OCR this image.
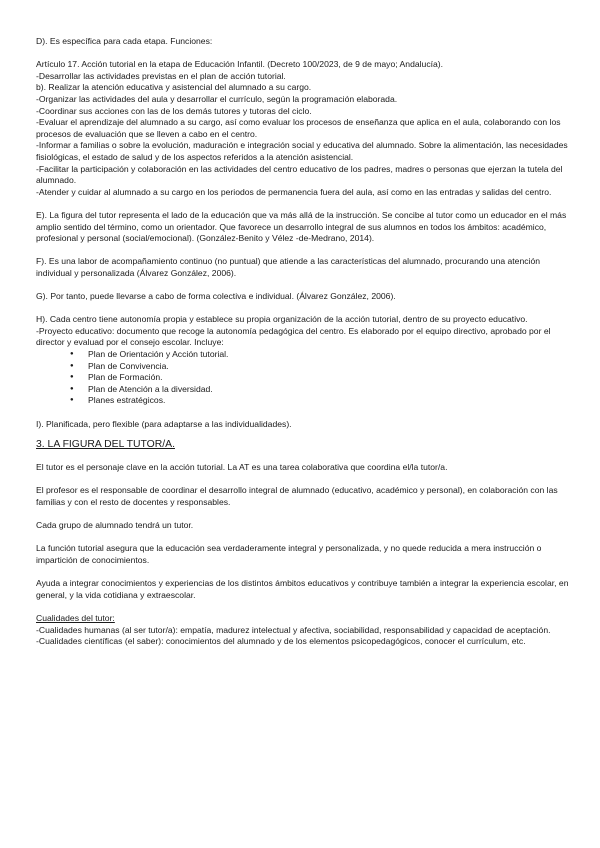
D). Es específica para cada etapa. Funciones:

Artículo 17. Acción tutorial en la etapa de Educación Infantil. (Decreto 100/2023, de 9 de mayo; Andalucía).

-Desarrollar las actividades previstas en el plan de acción tutorial.

b). Realizar la atención educativa y asistencial del alumnado a su cargo.

-Organizar las actividades del aula y desarrollar el currículo, según la programación elaborada.

-Coordinar sus acciones con las de los demás tutores y tutoras del ciclo.

-Evaluar el aprendizaje del alumnado a su cargo, así como evaluar los procesos de enseñanza que aplica en el aula, colaborando con los procesos de evaluación que se lleven a cabo en el centro.

-Informar a familias o sobre la evolución, maduración e integración social y educativa del alumnado. Sobre la alimentación, las necesidades fisiológicas, el estado de salud y de los aspectos referidos a la atención asistencial.

-Facilitar la participación y colaboración en las actividades del centro educativo de los padres, madres o personas que ejerzan la tutela del alumnado.

-Atender y cuidar al alumnado a su cargo en los periodos de permanencia fuera del aula, así como en las entradas y salidas del centro.

E). La figura del tutor representa el lado de la educación que va más allá de la instrucción. Se concibe al tutor como un educador en el más amplio sentido del término, como un orientador. Que favorece un desarrollo integral de sus alumnos en todos los ámbitos: académico, profesional y personal (social/emocional). (González-Benito y Vélez -de-Medrano, 2014).

F). Es una labor de acompañamiento continuo (no puntual) que atiende a las características del alumnado, procurando una atención individual y personalizada (Álvarez González, 2006).

G). Por tanto, puede llevarse a cabo de forma colectiva e individual. (Álvarez González, 2006).

H). Cada centro tiene autonomía propia y establece su propia organización de la acción tutorial, dentro de su proyecto educativo.

-Proyecto educativo: documento que recoge la autonomía pedagógica del centro. Es elaborado por el equipo directivo, aprobado por el director y evaluad por el consejo escolar. Incluye:

● Plan de Orientación y Acción tutorial.
● Plan de Convivencia.
● Plan de Formación.
● Plan de Atención a la diversidad.
● Planes estratégicos.

I). Planificada, pero flexible (para adaptarse a las individualidades).

3. LA FIGURA DEL TUTOR/A.

El tutor es el personaje clave en la acción tutorial. La AT es una tarea colaborativa que coordina el/la tutor/a.

El profesor es el responsable de coordinar el desarrollo integral de alumnado (educativo, académico y personal), en colaboración con las familias y con el resto de docentes y responsables.

Cada grupo de alumnado tendrá un tutor.

La función tutorial asegura que la educación sea verdaderamente integral y personalizada, y no quede reducida a mera instrucción o impartición de conocimientos.

Ayuda a integrar conocimientos y experiencias de los distintos ámbitos educativos y contribuye también a integrar la experiencia escolar, en general, y la vida cotidiana y extraescolar.

Cualidades del tutor:

-Cualidades humanas (al ser tutor/a): empatía, madurez intelectual y afectiva, sociabilidad, responsabilidad y capacidad de aceptación.

-Cualidades científicas (el saber): conocimientos del alumnado y de los elementos psicopedagógicos, conocer el currículum, etc.
